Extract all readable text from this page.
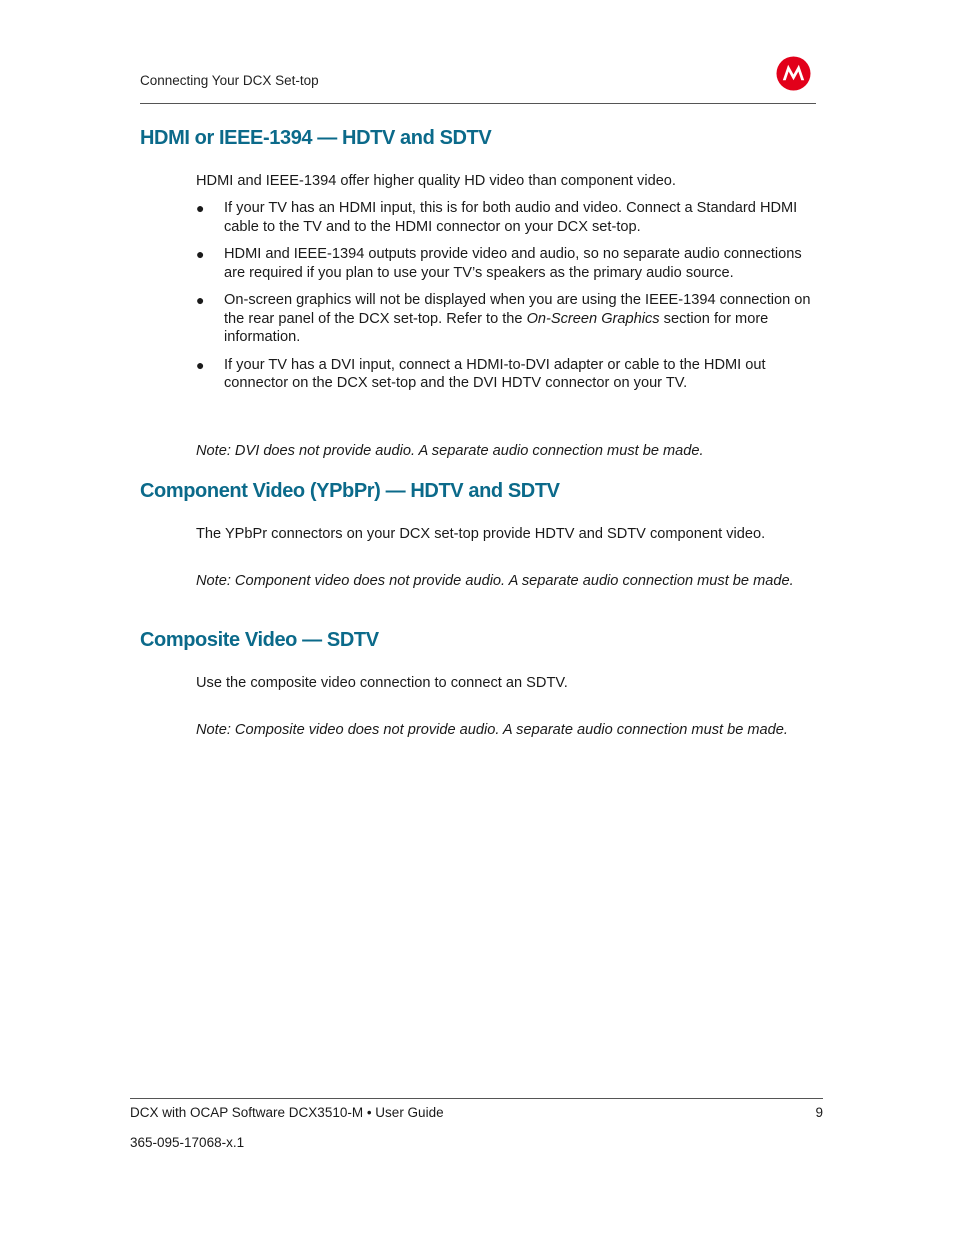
Connecting Your DCX Set-top
HDMI or IEEE-1394 — HDTV and SDTV

HDMI and IEEE-1394 offer higher quality HD video than component video.

● If your TV has an HDMI input, this is for both audio and video. Connect a Standard HDMI cable to the TV and to the HDMI connector on your DCX set-top.
● HDMI and IEEE-1394 outputs provide video and audio, so no separate audio connections are required if you plan to use your TV’s speakers as the primary audio source.
● On-screen graphics will not be displayed when you are using the IEEE-1394 connection on the rear panel of the DCX set-top. Refer to the On-Screen Graphics section for more information.
● If your TV has a DVI input, connect a HDMI-to-DVI adapter or cable to the HDMI out connector on the DCX set-top and the DVI HDTV connector on your TV.

Note: DVI does not provide audio. A separate audio connection must be made.

Component Video (YPbPr) — HDTV and SDTV

The YPbPr connectors on your DCX set-top provide HDTV and SDTV component video.

Note: Component video does not provide audio. A separate audio connection must be made.

Composite Video — SDTV

Use the composite video connection to connect an SDTV.

Note: Composite video does not provide audio. A separate audio connection must be made.

DCX with OCAP Software DCX3510-M • User Guide	9
365-095-17068-x.1
